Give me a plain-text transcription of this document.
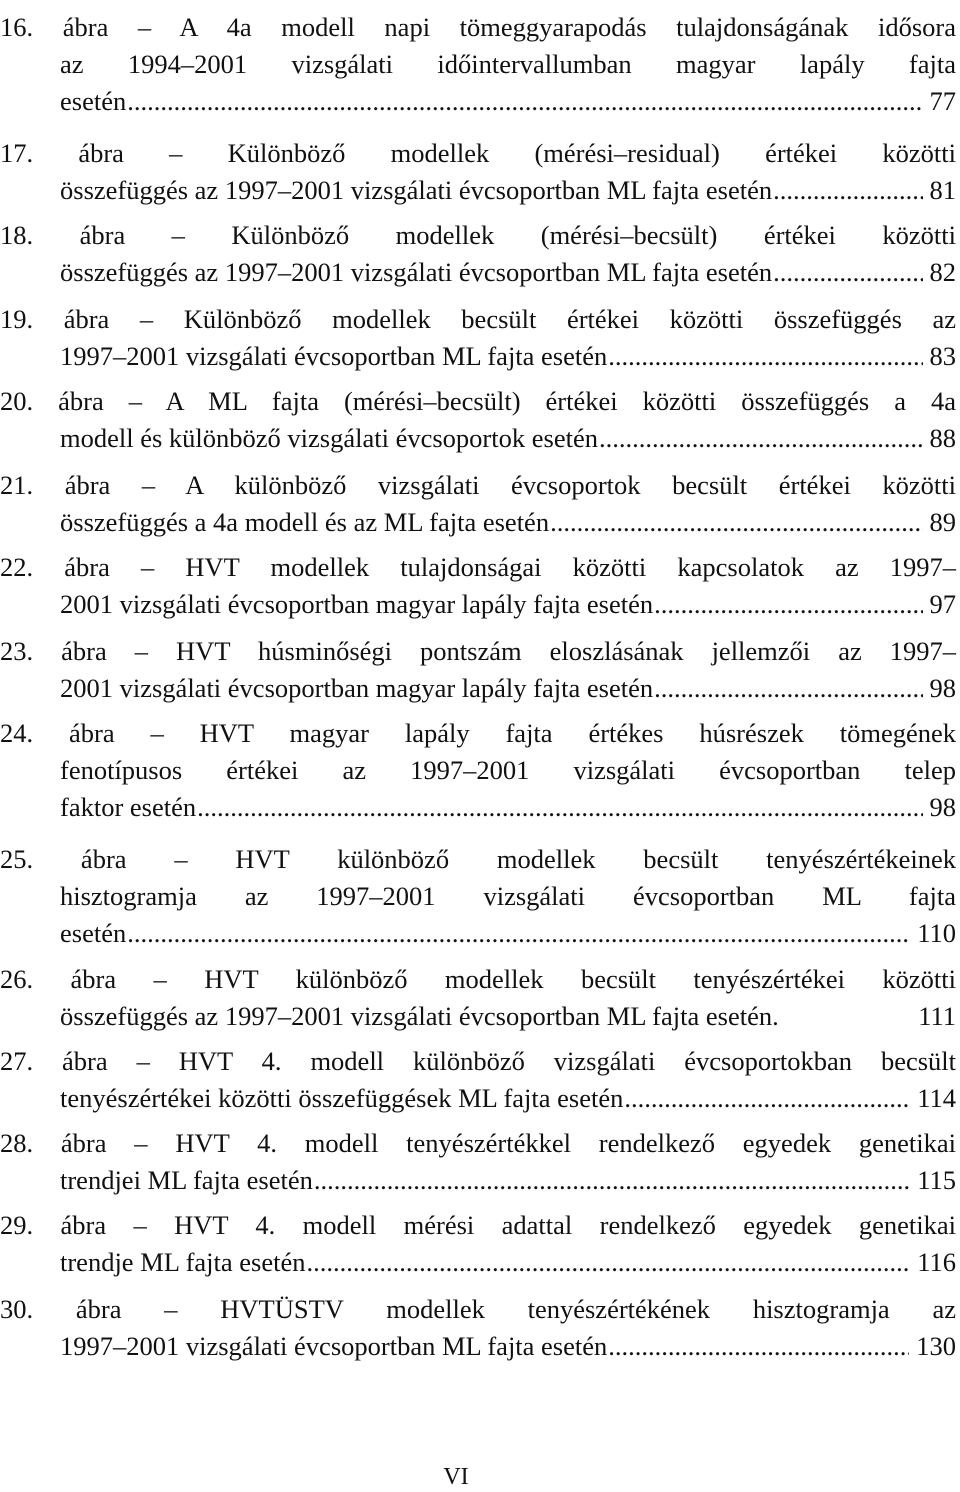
16. ábra – A 4a modell napi tömeggyarapodás tulajdonságának idősora
az 1994–2001 vizsgálati időintervallumban magyar lapály fajta
esetén .....	77
17. ábra – Különböző modellek (mérési–residual) értékei közötti
összefüggés az 1997–2001 vizsgálati évcsoportban ML fajta esetén .....	81
18. ábra – Különböző modellek (mérési–becsült) értékei közötti
összefüggés az 1997–2001 vizsgálati évcsoportban ML fajta esetén .....	82
19. ábra – Különböző modellek becsült értékei közötti összefüggés az
1997–2001 vizsgálati évcsoportban ML fajta esetén .....	83
20. ábra – A ML fajta (mérési–becsült) értékei közötti összefüggés a 4a
modell és különböző vizsgálati évcsoportok esetén .....	88
21. ábra – A különböző vizsgálati évcsoportok becsült értékei közötti
összefüggés a 4a modell és az ML fajta esetén .....	89
22. ábra – HVT modellek tulajdonságai közötti kapcsolatok az 1997–
2001 vizsgálati évcsoportban magyar lapály fajta esetén .....	97
23. ábra – HVT húsminőségi pontszám eloszlásának jellemzői az 1997–
2001 vizsgálati évcsoportban magyar lapály fajta esetén .....	98
24. ábra – HVT magyar lapály fajta értékes húsrészek tömegének
fenotípusos értékei az 1997–2001 vizsgálati évcsoportban telep
faktor esetén .....	98
25. ábra – HVT különböző modellek becsült tenyészértékeinek
hisztogramja az 1997–2001 vizsgálati évcsoportban ML fajta
esetén .....	110
26. ábra – HVT különböző modellek becsült tenyészértékei közötti
összefüggés az 1997–2001 vizsgálati évcsoportban ML fajta esetén.	111
27. ábra – HVT 4. modell különböző vizsgálati évcsoportokban becsült
tenyészértékei közötti összefüggések ML fajta esetén .....	114
28. ábra – HVT 4. modell tenyészértékkel rendelkező egyedek genetikai
trendjei ML fajta esetén .....	115
29. ábra – HVT 4. modell mérési adattal rendelkező egyedek genetikai
trendje ML fajta esetén .....	116
30. ábra – HVTÜSTV modellek tenyészértékének hisztogramja az
1997–2001 vizsgálati évcsoportban ML fajta esetén .....	130
VI
